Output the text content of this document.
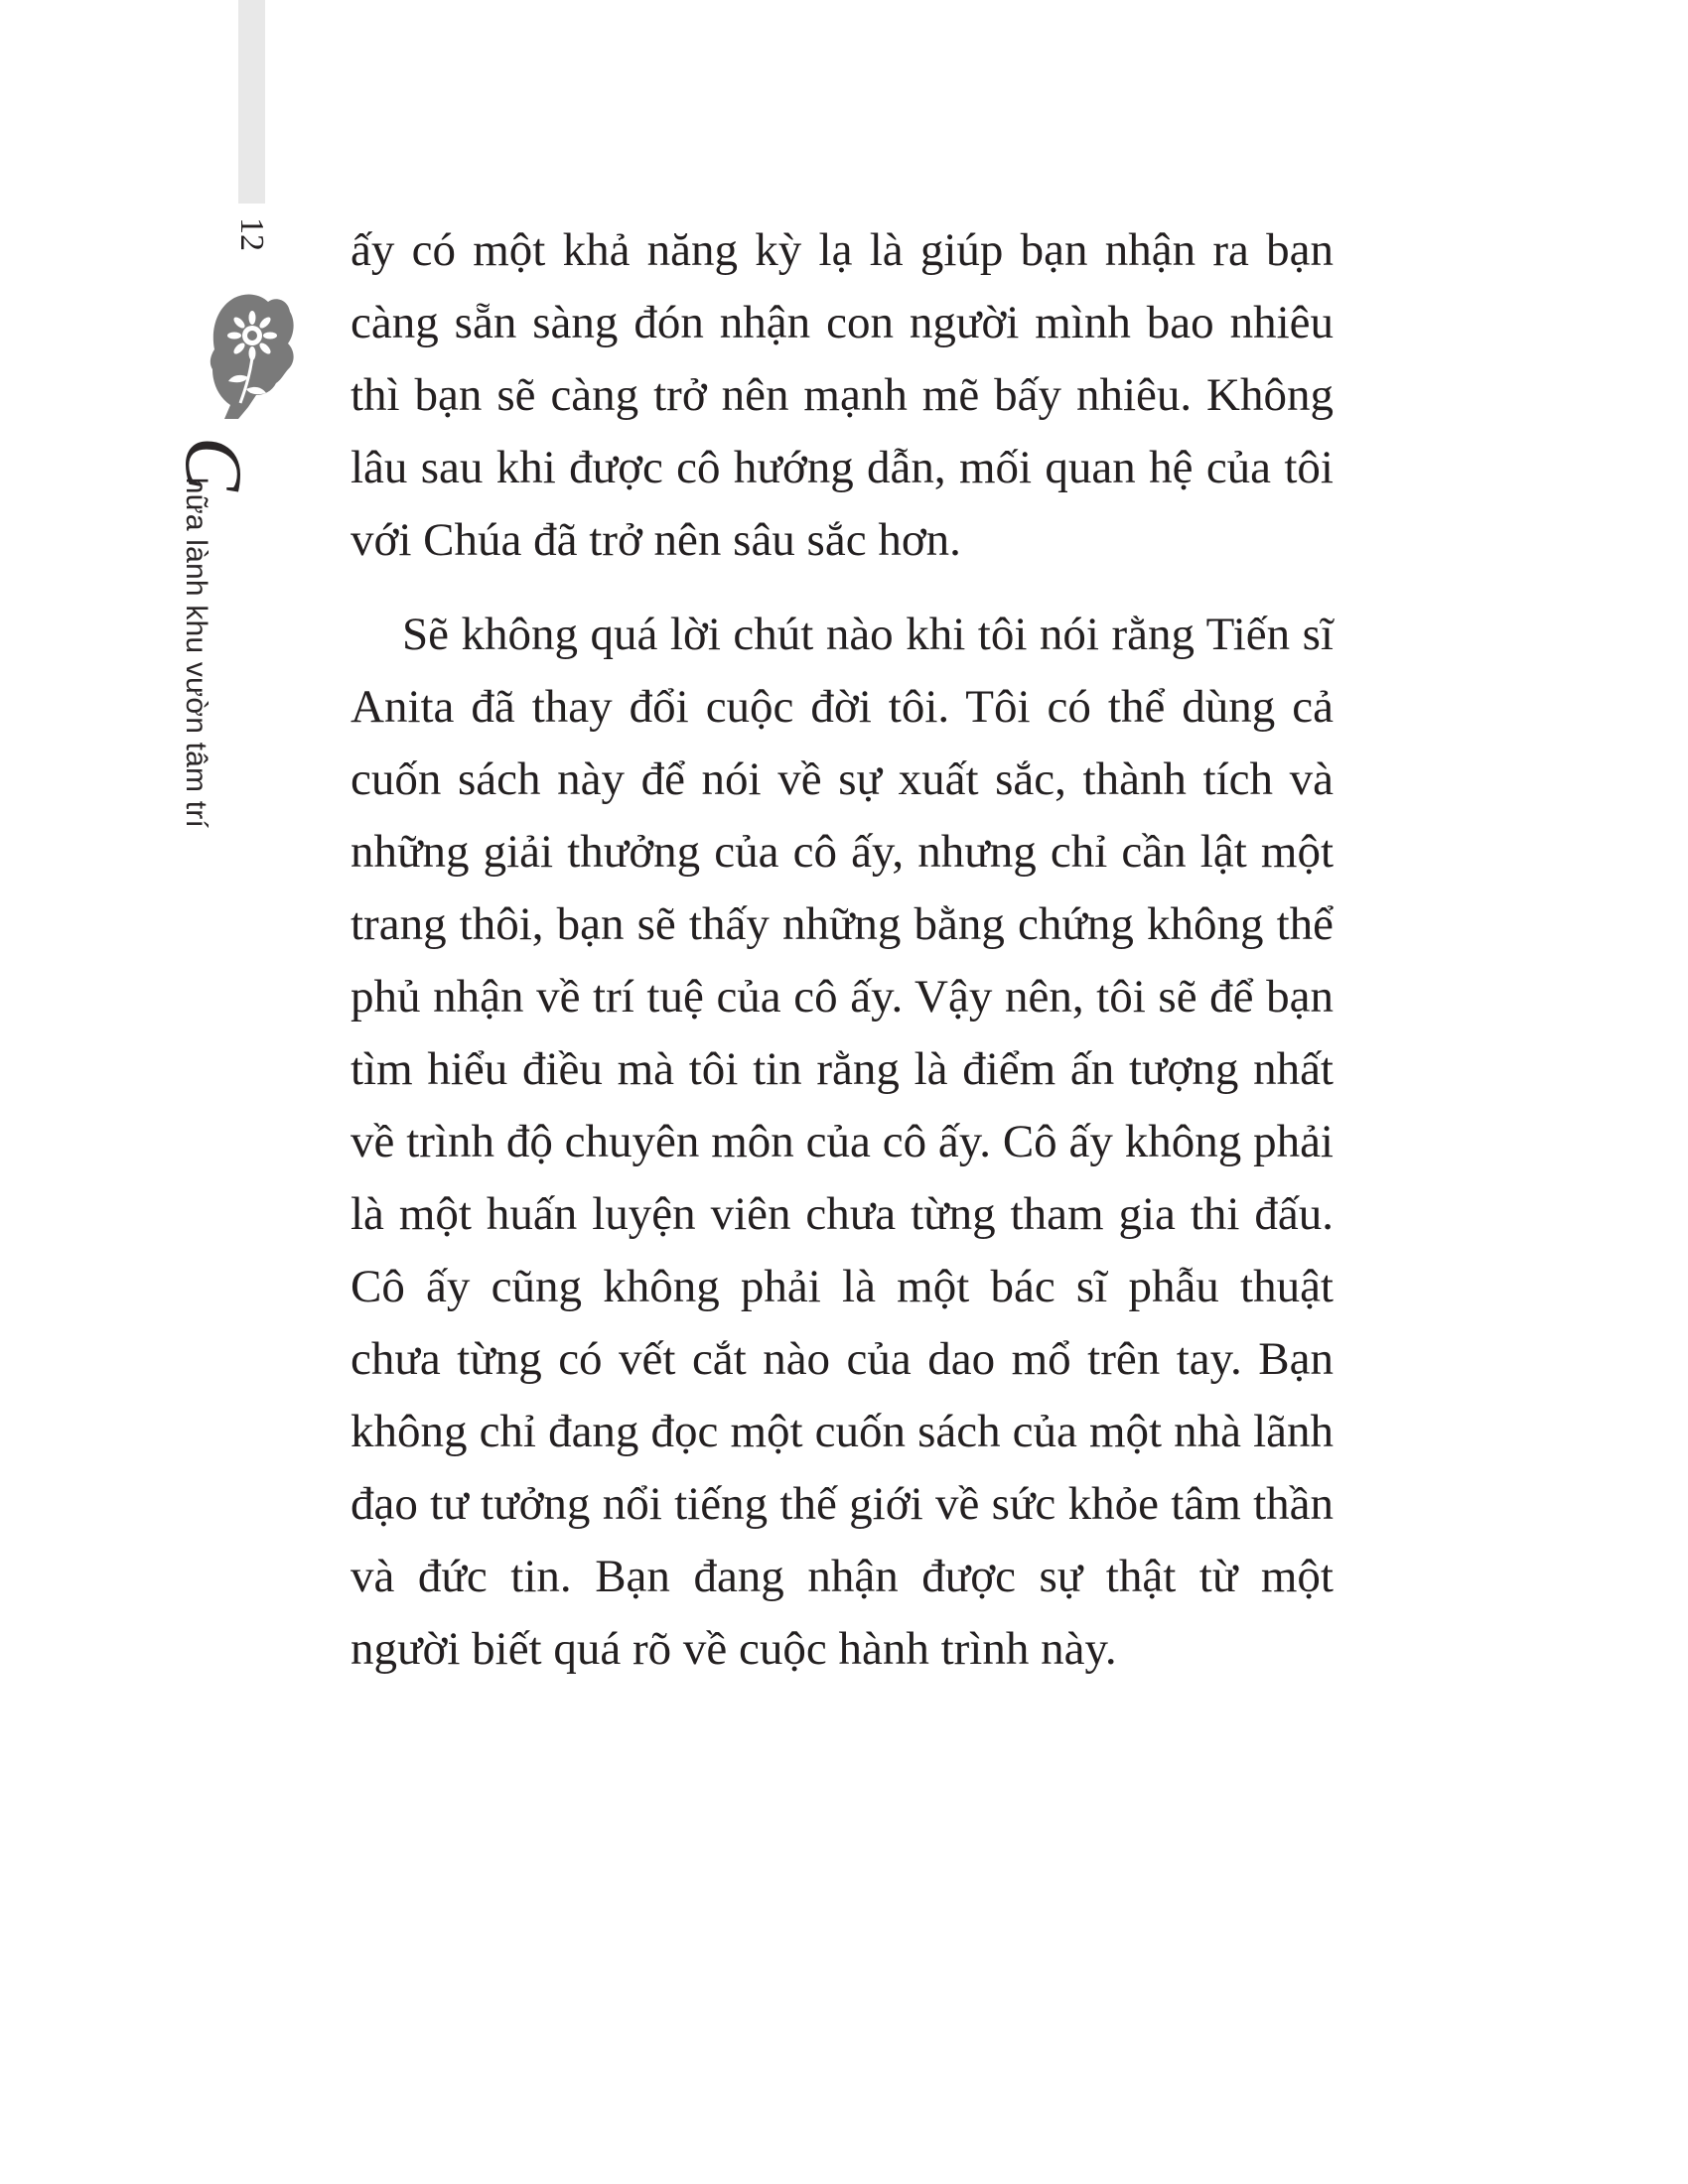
12
C
hữa lành khu vườn tâm trí

ấy có một khả năng kỳ lạ là giúp bạn nhận ra bạn càng sẵn sàng đón nhận con người mình bao nhiêu thì bạn sẽ càng trở nên mạnh mẽ bấy nhiêu. Không lâu sau khi được cô hướng dẫn, mối quan hệ của tôi với Chúa đã trở nên sâu sắc hơn.

Sẽ không quá lời chút nào khi tôi nói rằng Tiến sĩ Anita đã thay đổi cuộc đời tôi. Tôi có thể dùng cả cuốn sách này để nói về sự xuất sắc, thành tích và những giải thưởng của cô ấy, nhưng chỉ cần lật một trang thôi, bạn sẽ thấy những bằng chứng không thể phủ nhận về trí tuệ của cô ấy. Vậy nên, tôi sẽ để bạn tìm hiểu điều mà tôi tin rằng là điểm ấn tượng nhất về trình độ chuyên môn của cô ấy. Cô ấy không phải là một huấn luyện viên chưa từng tham gia thi đấu. Cô ấy cũng không phải là một bác sĩ phẫu thuật chưa từng có vết cắt nào của dao mổ trên tay. Bạn không chỉ đang đọc một cuốn sách của một nhà lãnh đạo tư tưởng nổi tiếng thế giới về sức khỏe tâm thần và đức tin. Bạn đang nhận được sự thật từ một người biết quá rõ về cuộc hành trình này.
